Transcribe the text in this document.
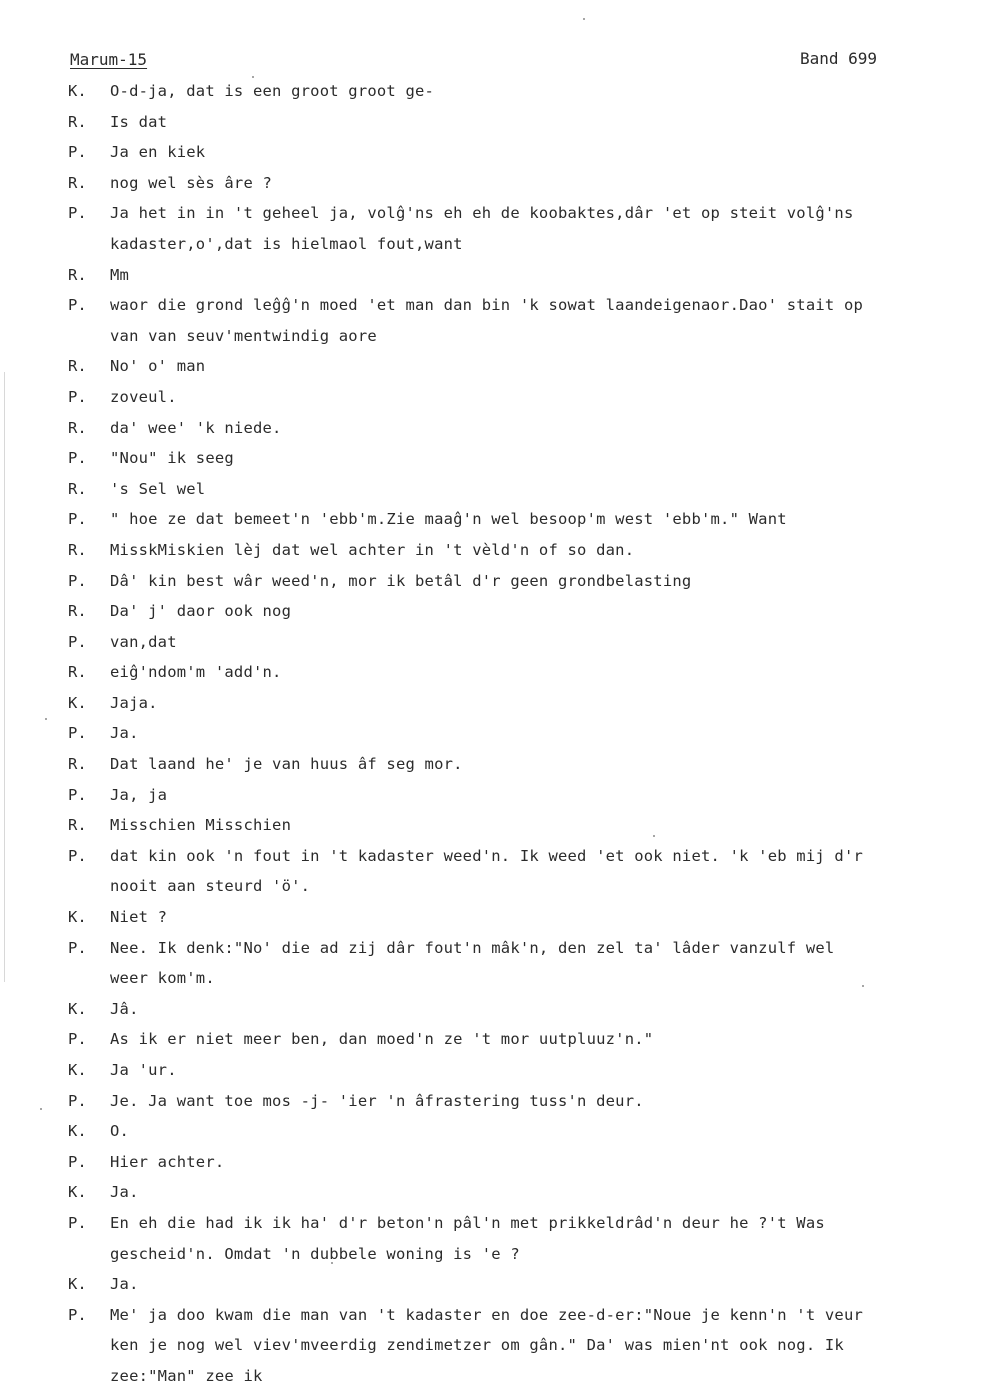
Marum-15	Band 699
K.	O-d-ja, dat is een groot groot ge-
R.	Is dat
P.	Ja en kiek
R.	nog wel sès âre ?
P.	Ja het in in 't geheel ja, volĝ'ns eh eh de koobaktes,dâr 'et op steit volĝ'ns
kadaster,o',dat is hielmaol fout,want
R.	Mm
P.	waor die grond leĝĝ'n moed 'et man dan bin 'k sowat laandeigenaor.Dao' stait op
van van seuv'mentwindig aore
R.	No' o' man
P.	zoveul.
R.	da' wee' 'k niede.
P.	"Nou" ik seeg
R.	's Sel wel
P.	" hoe ze dat bemeet'n 'ebb'm.Zie maaĝ'n wel besoop'm west 'ebb'm." Want
R.	MisskMiskien lèj dat wel achter in 't vèld'n of so dan.
P.	Dâ' kin best wâr weed'n, mor ik betâl d'r geen grondbelasting
R.	Da' j' daor ook nog
P.	van,dat
R.	eiĝ'ndom'm 'add'n.
K.	Jaja.
P.	Ja.
R.	Dat laand he' je van huus âf seg mor.
P.	Ja, ja
R.	Misschien Misschien
P.	dat kin ook 'n fout in 't kadaster weed'n. Ik weed 'et ook niet. 'k 'eb mij d'r
nooit aan steurd 'ö'.
K.	Niet ?
P.	Nee. Ik denk:"No' die ad zij dâr fout'n mâk'n, den zel ta' lâder vanzulf wel
weer kom'm.
K.	Jâ.
P.	As ik er niet meer ben, dan moed'n ze 't mor uutpluuz'n."
K.	Ja 'ur.
P.	Je. Ja want toe mos -j- 'ier 'n âfrastering tuss'n deur.
K.	O.
P.	Hier achter.
K.	Ja.
P.	En eh die had ik ik ha' d'r beton'n pâl'n met prikkeldrâd'n deur he ?'t Was
gescheid'n. Omdat 'n dubbele woning is 'e ?
K.	Ja.
P.	Me' ja doo kwam die man van 't kadaster en doe zee-d-er:"Noue je kenn'n 't veur
ken je nog wel viev'mveerdig zendimetzer om gân." Da' was mien'nt ook nog. Ik
zee:"Man" zee ik
